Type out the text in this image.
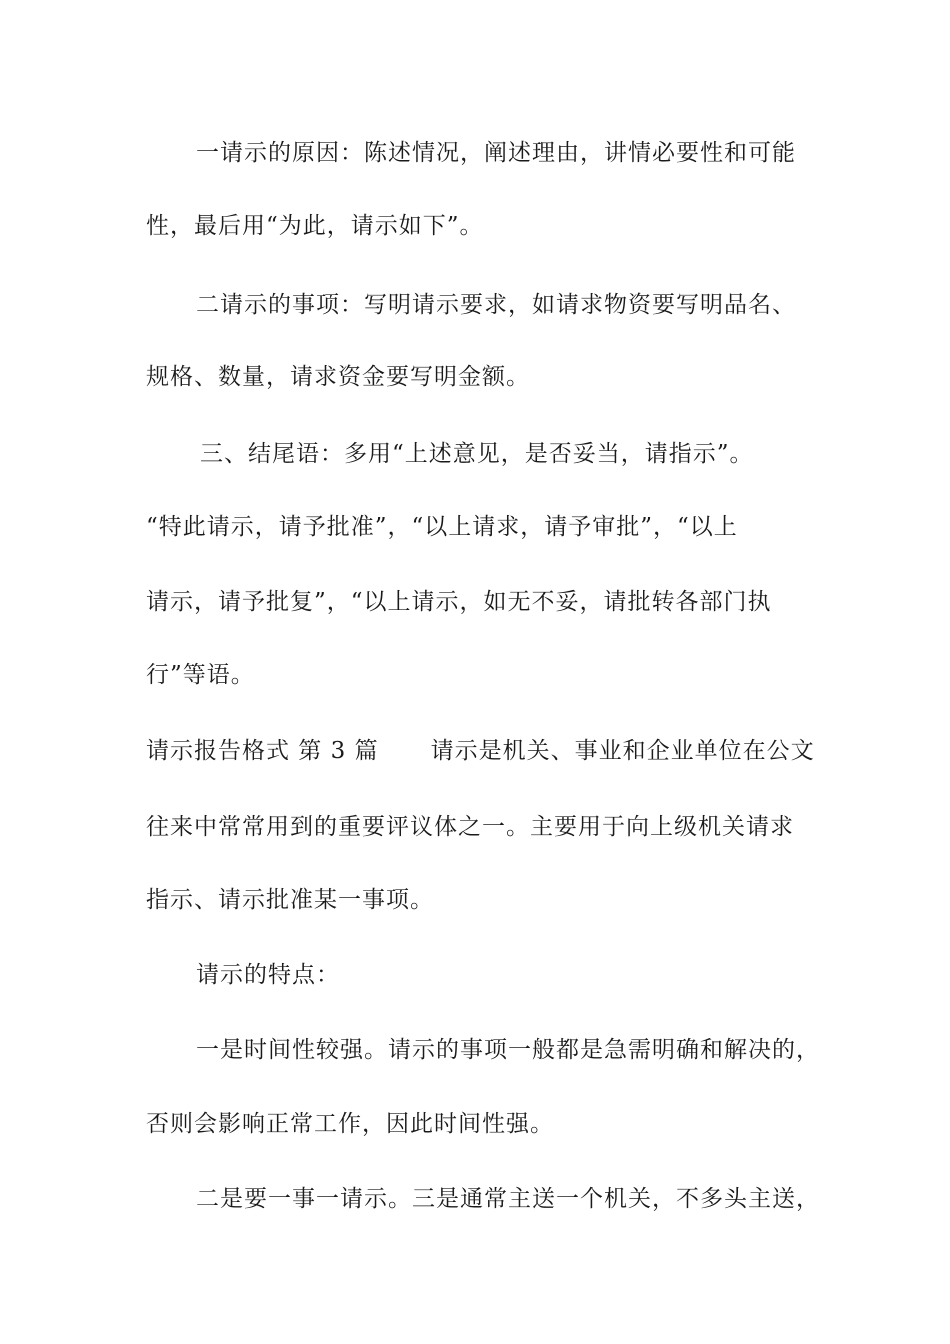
一请示的原因：陈述情况，阐述理由，讲情必要性和可能
性，最后用“为此，请示如下”。
二请示的事项：写明请示要求，如请求物资要写明品名、
规格、数量，请求资金要写明金额。
三、结尾语：多用“上述意见，是否妥当，请指示”。
“特此请示，请予批准”，“以上请求，请予审批”，“以上
请示，请予批复”，“以上请示，如无不妥，请批转各部门执
行”等语。
请示报告格式 第 3 篇 请示是机关、事业和企业单位在公文
往来中常常用到的重要评议体之一。主要用于向上级机关请求
指示、请示批准某一事项。
请示的特点：
一是时间性较强。请示的事项一般都是急需明确和解决的，
否则会影响正常工作，因此时间性强。
二是要一事一请示。三是通常主送一个机关，不多头主送，
